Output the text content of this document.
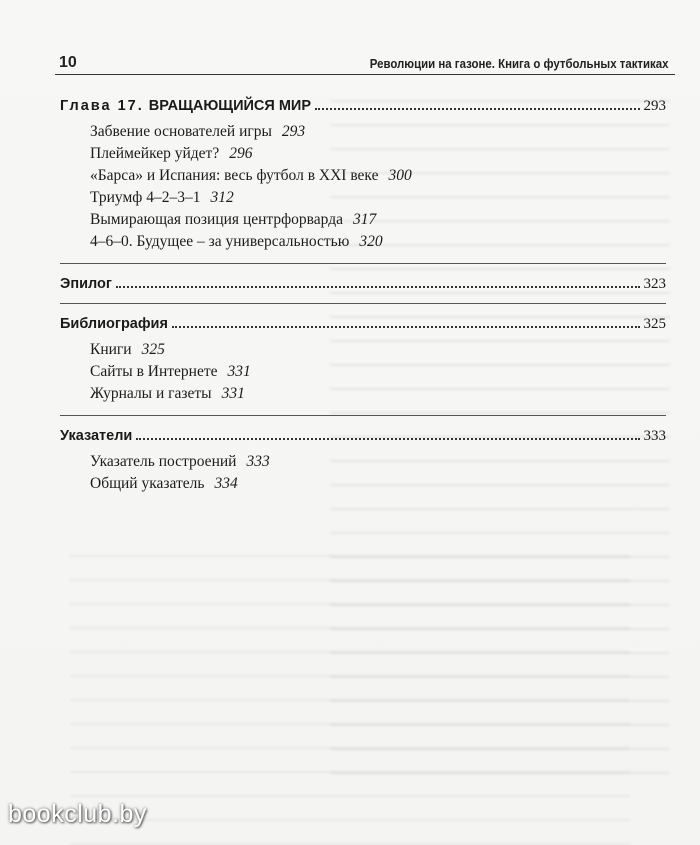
10	Революции на газоне. Книга о футбольных тактиках
Глава 17. ВРАЩАЮЩИЙСЯ МИР	293
Забвение основателей игры 293
Плеймейкер уйдет? 296
«Барса» и Испания: весь футбол в XXI веке 300
Триумф 4–2–3–1 312
Вымирающая позиция центрфорварда 317
4–6–0. Будущее – за универсальностью 320
Эпилог	323
Библиография	325
Книги 325
Сайты в Интернете 331
Журналы и газеты 331
Указатели	333
Указатель построений 333
Общий указатель 334
bookclub.by
